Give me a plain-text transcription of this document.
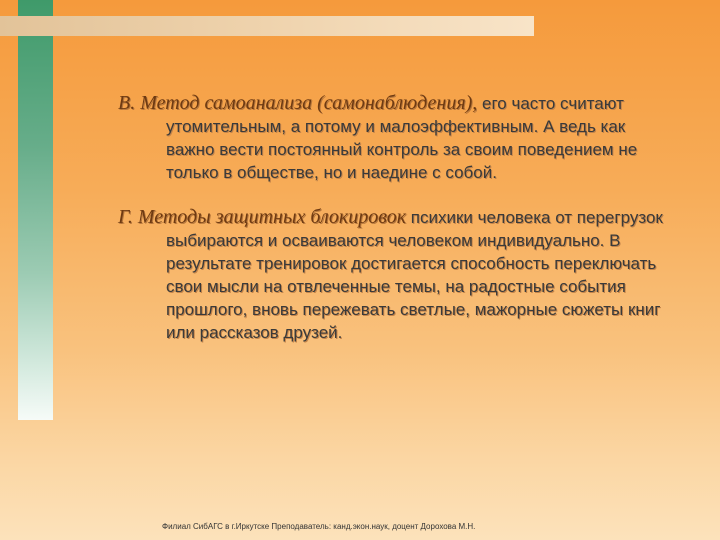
В. Метод самоанализа (самонаблюдения), его часто считают утомительным, а потому и малоэффективным. А ведь как важно вести постоянный контроль за своим поведением не только в обществе, но и наедине с собой.

Г. Методы защитных блокировок психики человека от перегрузок выбираются и осваиваются человеком индивидуально. В результате тренировок достигается способность переключать свои мысли на отвлеченные темы, на радостные события прошлого, вновь пережевать светлые, мажорные сюжеты книг или рассказов друзей.

Филиал СибАГС в г.Иркутске Преподаватель: канд.экон.наук, доцент Дорохова М.Н.
